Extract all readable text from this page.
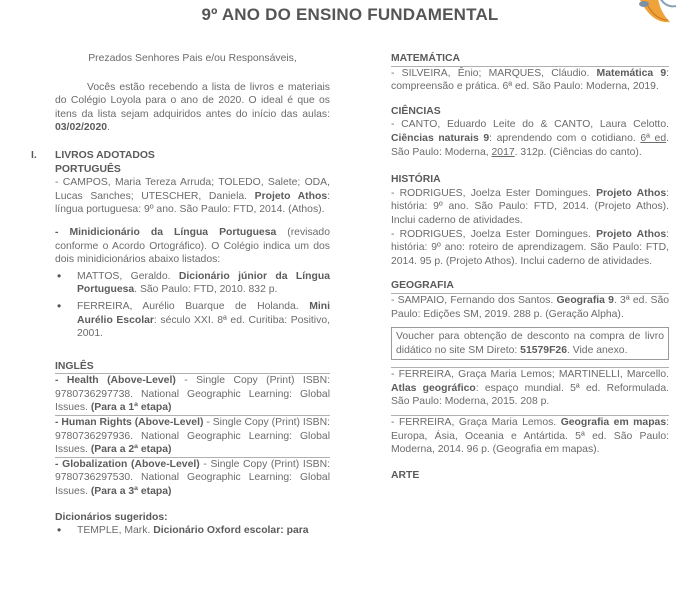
9º ANO DO ENSINO FUNDAMENTAL

Prezados Senhores Pais e/ou Responsáveis,

Vocês estão recebendo a lista de livros e materiais do Colégio Loyola para o ano de 2020. O ideal é que os itens da lista sejam adquiridos antes do início das aulas: 03/02/2020.

I. LIVROS ADOTADOS
PORTUGUÊS

- CAMPOS, Maria Tereza Arruda; TOLEDO, Salete; ODA, Lucas Sanches; UTESCHER, Daniela. Projeto Athos: língua portuguesa: 9º ano. São Paulo: FTD, 2014. (Athos).

- Minidicionário da Língua Portuguesa (revisado conforme o Acordo Ortográfico). O Colégio indica um dos dois minidicionários abaixo listados:

• MATTOS, Geraldo. Dicionário júnior da Língua Portuguesa. São Paulo: FTD, 2010. 832 p.

• FERREIRA, Aurélio Buarque de Holanda. Mini Aurélio Escolar: século XXI. 8ª ed. Curitiba: Positivo, 2001.

INGLÊS

- Health (Above-Level) - Single Copy (Print) ISBN: 9780736297738. National Geographic Learning: Global Issues. (Para a 1ª etapa)

- Human Rights (Above-Level) - Single Copy (Print) ISBN: 9780736297936. National Geographic Learning: Global Issues. (Para a 2ª etapa)

- Globalization (Above-Level) - Single Copy (Print) ISBN: 9780736297530. National Geographic Learning: Global Issues. (Para a 3ª etapa)

Dicionários sugeridos:

• TEMPLE, Mark. Dicionário Oxford escolar: para

MATEMÁTICA

- SILVEIRA, Ênio; MARQUES, Cláudio. Matemática 9: compreensão e prática. 6ª ed. São Paulo: Moderna, 2019.

CIÊNCIAS

- CANTO, Eduardo Leite do & CANTO, Laura Celotto. Ciências naturais 9: aprendendo com o cotidiano. 6ª ed. São Paulo: Moderna, 2017. 312p. (Ciências do canto).

HISTÓRIA

- RODRIGUES, Joelza Ester Domingues. Projeto Athos: história: 9º ano. São Paulo: FTD, 2014. (Projeto Athos). Inclui caderno de atividades.

- RODRIGUES, Joelza Ester Domingues. Projeto Athos: história: 9º ano: roteiro de aprendizagem. São Paulo: FTD, 2014. 95 p. (Projeto Athos). Inclui caderno de atividades.

GEOGRAFIA

- SAMPAIO, Fernando dos Santos. Geografia 9. 3ª ed. São Paulo: Edições SM, 2019. 288 p. (Geração Alpha).

Voucher para obtenção de desconto na compra de livro didático no site SM Direto: 51579F26. Vide anexo.

- FERREIRA, Graça Maria Lemos; MARTINELLI, Marcello. Atlas geográfico: espaço mundial. 5ª ed. Reformulada. São Paulo: Moderna, 2015. 208 p.

- FERREIRA, Graça Maria Lemos. Geografia em mapas: Europa, Ásia, Oceania e Antártida. 5ª ed. São Paulo: Moderna, 2014. 96 p. (Geografia em mapas).

ARTE
